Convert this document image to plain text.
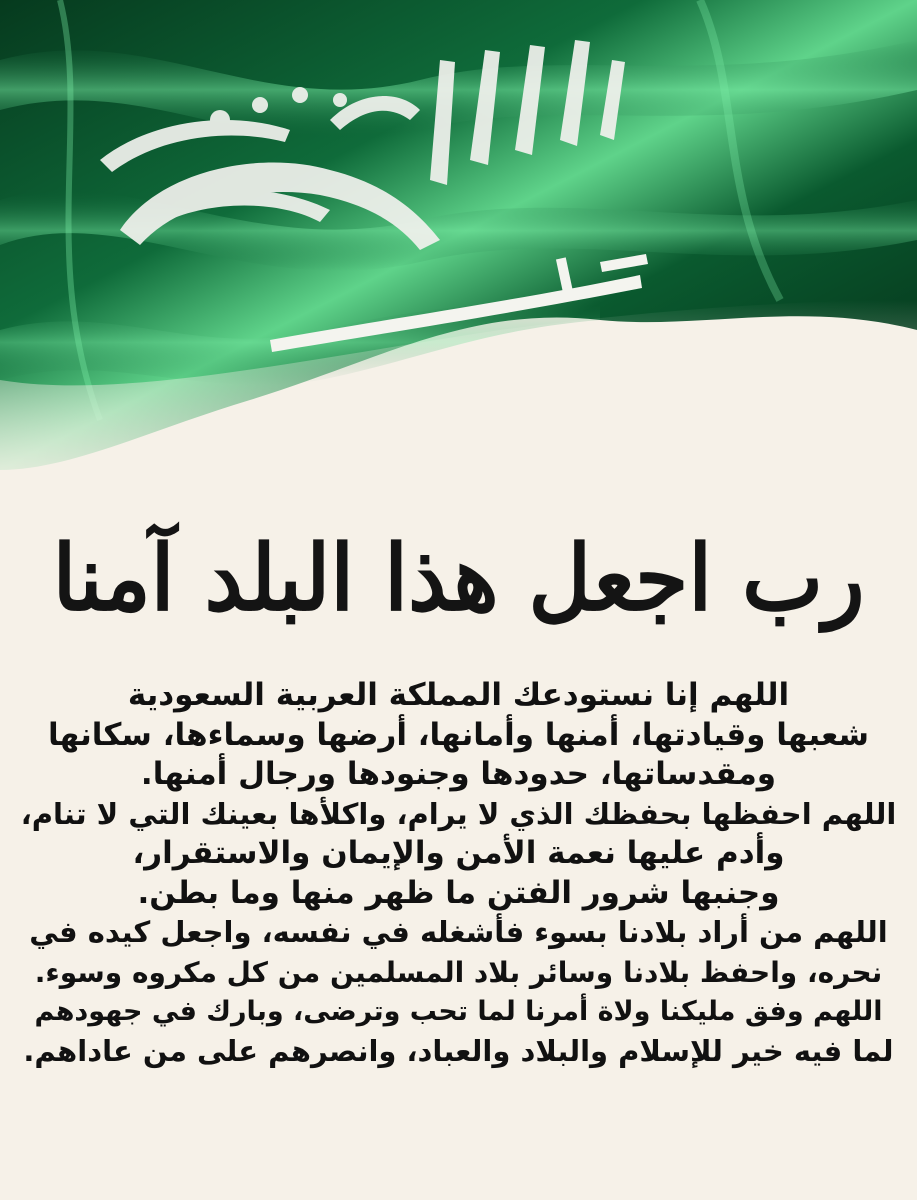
رب اجعل هذا البلد آمنا
اللهم إنا نستودعك المملكة العربية السعودية
شعبها وقيادتها، أمنها وأمانها، أرضها وسماءها، سكانها
ومقدساتها، حدودها وجنودها ورجال أمنها.
اللهم احفظها بحفظك الذي لا يرام، واكلأها بعينك التي لا تنام،
وأدم عليها نعمة الأمن والإيمان والاستقرار،
وجنبها شرور الفتن ما ظهر منها وما بطن.
اللهم من أراد بلادنا بسوء فأشغله في نفسه، واجعل كيده في
نحره، واحفظ بلادنا وسائر بلاد المسلمين من كل مكروه وسوء.
اللهم وفق مليكنا ولاة أمرنا لما تحب وترضى، وبارك في جهودهم
لما فيه خير للإسلام والبلاد والعباد، وانصرهم على من عاداهم.
